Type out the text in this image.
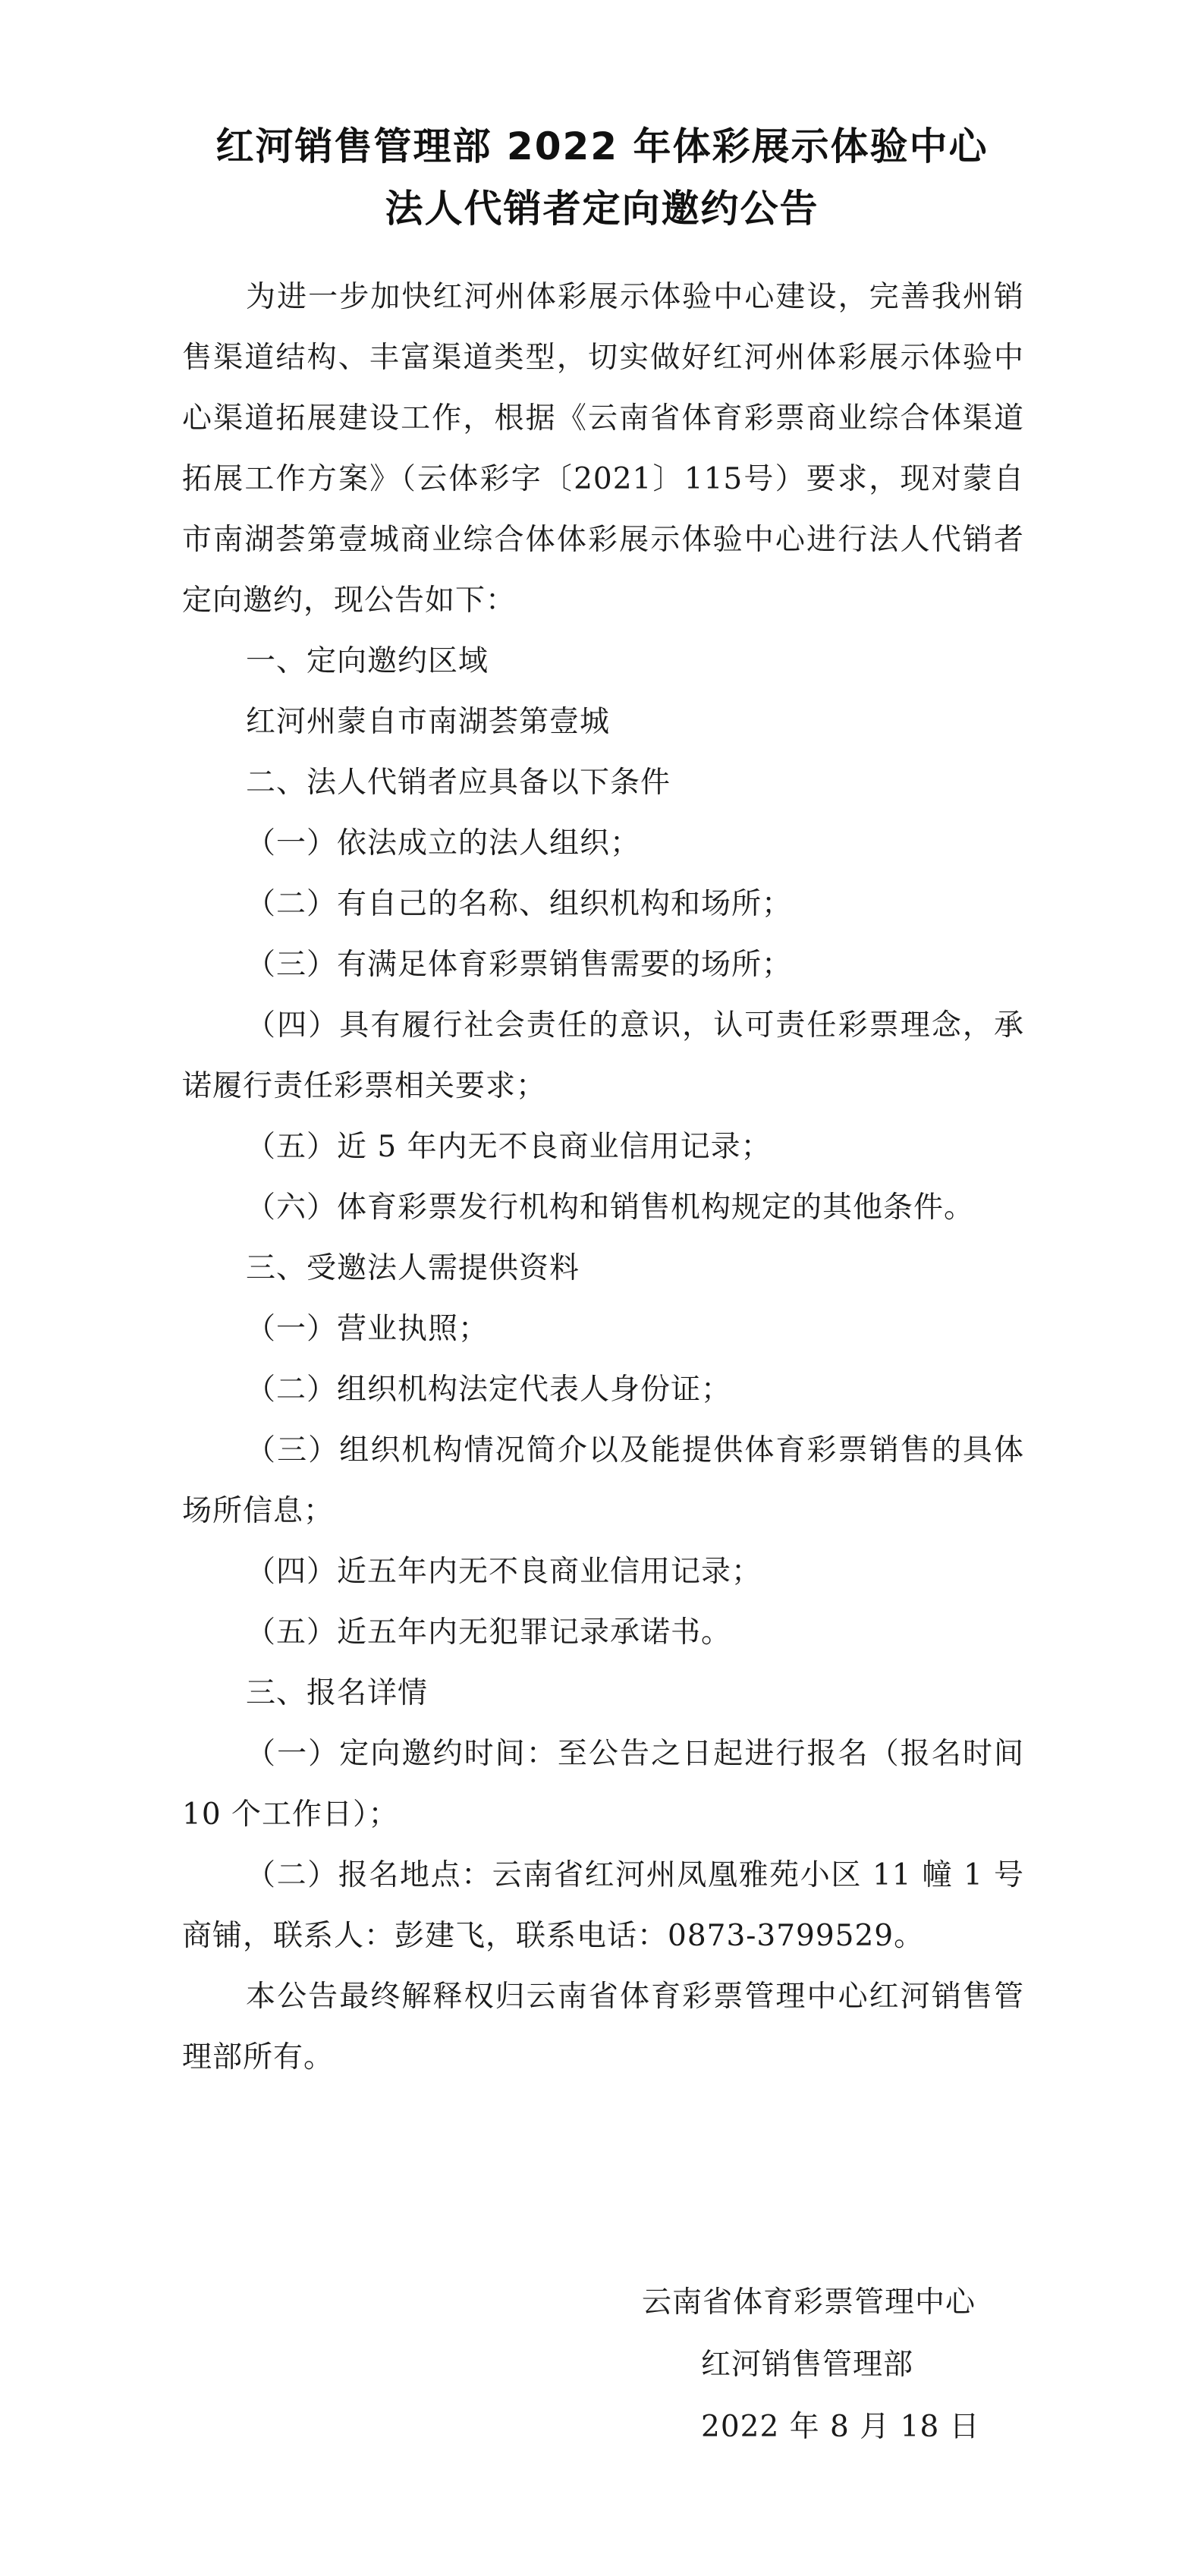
红河销售管理部 2022 年体彩展示体验中心
法人代销者定向邀约公告

为进一步加快红河州体彩展示体验中心建设，完善我州销售渠道结构、丰富渠道类型，切实做好红河州体彩展示体验中心渠道拓展建设工作，根据《云南省体育彩票商业综合体渠道拓展工作方案》（云体彩字〔2021〕115号）要求，现对蒙自市南湖荟第壹城商业综合体体彩展示体验中心进行法人代销者定向邀约，现公告如下：

一、定向邀约区域

红河州蒙自市南湖荟第壹城

二、法人代销者应具备以下条件

（一）依法成立的法人组织；

（二）有自己的名称、组织机构和场所；

（三）有满足体育彩票销售需要的场所；

（四）具有履行社会责任的意识，认可责任彩票理念，承诺履行责任彩票相关要求；

（五）近 5 年内无不良商业信用记录；

（六）体育彩票发行机构和销售机构规定的其他条件。

三、受邀法人需提供资料

（一）营业执照；

（二）组织机构法定代表人身份证；

（三）组织机构情况简介以及能提供体育彩票销售的具体场所信息；

（四）近五年内无不良商业信用记录；

（五）近五年内无犯罪记录承诺书。

三、报名详情

（一）定向邀约时间：至公告之日起进行报名（报名时间 10 个工作日）；

（二）报名地点：云南省红河州凤凰雅苑小区 11 幢 1 号商铺，联系人：彭建飞，联系电话：0873-3799529。

本公告最终解释权归云南省体育彩票管理中心红河销售管理部所有。

云南省体育彩票管理中心
红河销售管理部
2022 年 8 月 18 日
